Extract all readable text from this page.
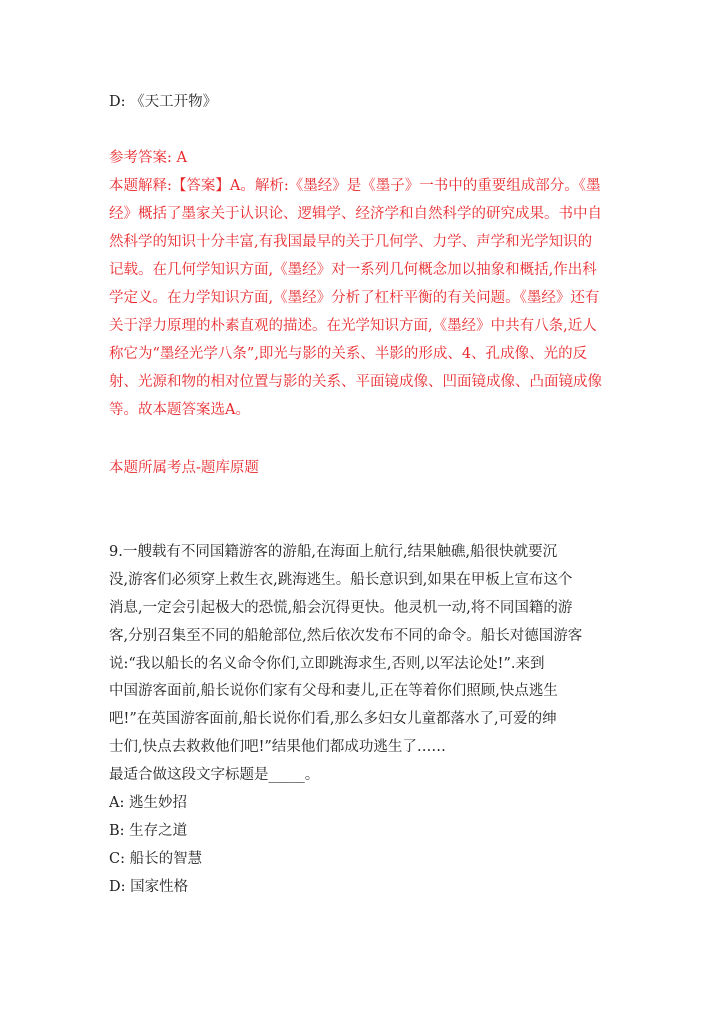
D: 《天工开物》
参考答案: A
本题解释:【答案】A。解析:《墨经》是《墨子》一书中的重要组成部分。《墨
经》概括了墨家关于认识论、逻辑学、经济学和自然科学的研究成果。书中自
然科学的知识十分丰富,有我国最早的关于几何学、力学、声学和光学知识的
记载。在几何学知识方面,《墨经》对一系列几何概念加以抽象和概括,作出科
学定义。在力学知识方面,《墨经》分析了杠杆平衡的有关问题。《墨经》还有
关于浮力原理的朴素直观的描述。在光学知识方面,《墨经》中共有八条,近人
称它为“墨经光学八条”,即光与影的关系、半影的形成、4、孔成像、光的反
射、光源和物的相对位置与影的关系、平面镜成像、凹面镜成像、凸面镜成像
等。故本题答案选A。
本题所属考点-题库原题
9.一艘载有不同国籍游客的游船,在海面上航行,结果触礁,船很快就要沉
没,游客们必须穿上救生衣,跳海逃生。船长意识到,如果在甲板上宣布这个
消息,一定会引起极大的恐慌,船会沉得更快。他灵机一动,将不同国籍的游
客,分别召集至不同的船舱部位,然后依次发布不同的命令。船长对德国游客
说:“我以船长的名义命令你们,立即跳海求生,否则,以军法论处!”.来到
中国游客面前,船长说你们家有父母和妻儿,正在等着你们照顾,快点逃生
吧!”在英国游客面前,船长说你们看,那么多妇女儿童都落水了,可爱的绅
士们,快点去救救他们吧!”结果他们都成功逃生了……
最适合做这段文字标题是_____。
A: 逃生妙招
B: 生存之道
C: 船长的智慧
D: 国家性格
